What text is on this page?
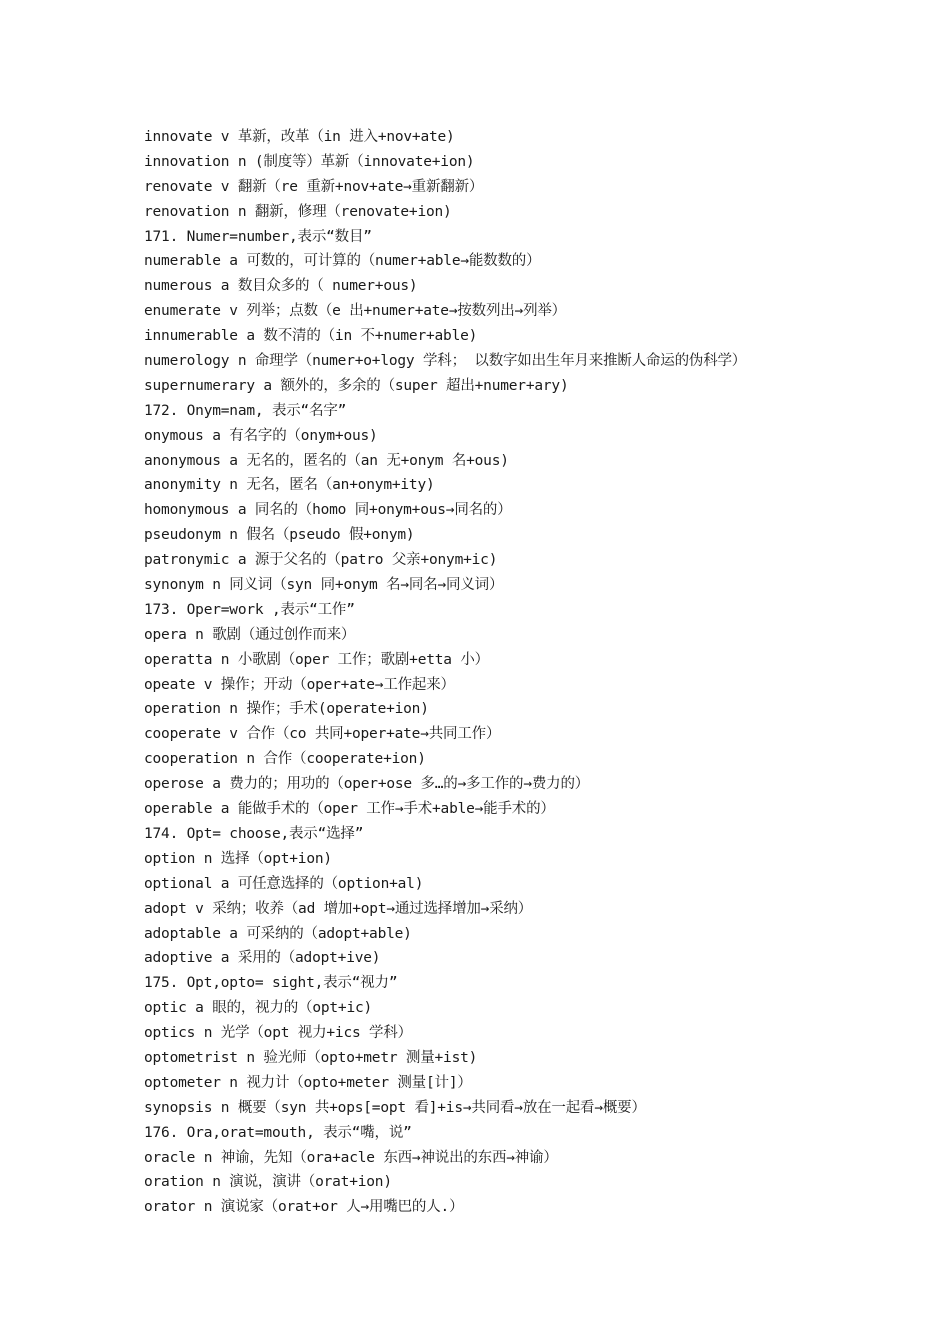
innovate v 革新，改革（in 进入+nov+ate)
innovation n (制度等）革新（innovate+ion)
renovate v 翻新（re 重新+nov+ate→重新翻新）
renovation n 翻新，修理（renovate+ion)
171. Numer=number,表示“数目”
numerable a 可数的，可计算的（numer+able→能数数的）
numerous a 数目众多的（ numer+ous)
enumerate v 列举；点数（e 出+numer+ate→按数列出→列举）
innumerable a 数不清的（in 不+numer+able)
numerology n 命理学（numer+o+logy 学科； 以数字如出生年月来推断人命运的伪科学）
supernumerary a 额外的，多余的（super 超出+numer+ary)
172. Onym=nam, 表示“名字”
onymous a 有名字的（onym+ous)
anonymous a 无名的，匿名的（an 无+onym 名+ous)
anonymity n 无名，匿名（an+onym+ity)
homonymous a 同名的（homo 同+onym+ous→同名的）
pseudonym n 假名（pseudo 假+onym)
patronymic a 源于父名的（patro 父亲+onym+ic)
synonym n 同义词（syn 同+onym 名→同名→同义词）
173. Oper=work ,表示“工作”
opera n 歌剧（通过创作而来）
operatta n 小歌剧（oper 工作；歌剧+etta 小）
opeate v 操作；开动（oper+ate→工作起来）
operation n 操作；手术(operate+ion)
cooperate v 合作（co 共同+oper+ate→共同工作）
cooperation n 合作（cooperate+ion)
operose a 费力的；用功的（oper+ose 多…的→多工作的→费力的）
operable a 能做手术的（oper 工作→手术+able→能手术的）
174. Opt= choose,表示“选择”
option n 选择（opt+ion)
optional a 可任意选择的（option+al)
adopt v 采纳；收养（ad 增加+opt→通过选择增加→采纳）
adoptable a 可采纳的（adopt+able)
adoptive a 采用的（adopt+ive)
175. Opt,opto= sight,表示“视力”
optic a 眼的，视力的（opt+ic)
optics n 光学（opt 视力+ics 学科）
optometrist n 验光师（opto+metr 测量+ist)
optometer n 视力计（opto+meter 测量[计]）
synopsis n 概要（syn 共+ops[=opt 看]+is→共同看→放在一起看→概要）
176. Ora,orat=mouth, 表示“嘴，说”
oracle n 神谕，先知（ora+acle 东西→神说出的东西→神谕）
oration n 演说，演讲（orat+ion)
orator n 演说家（orat+or 人→用嘴巴的人.）
